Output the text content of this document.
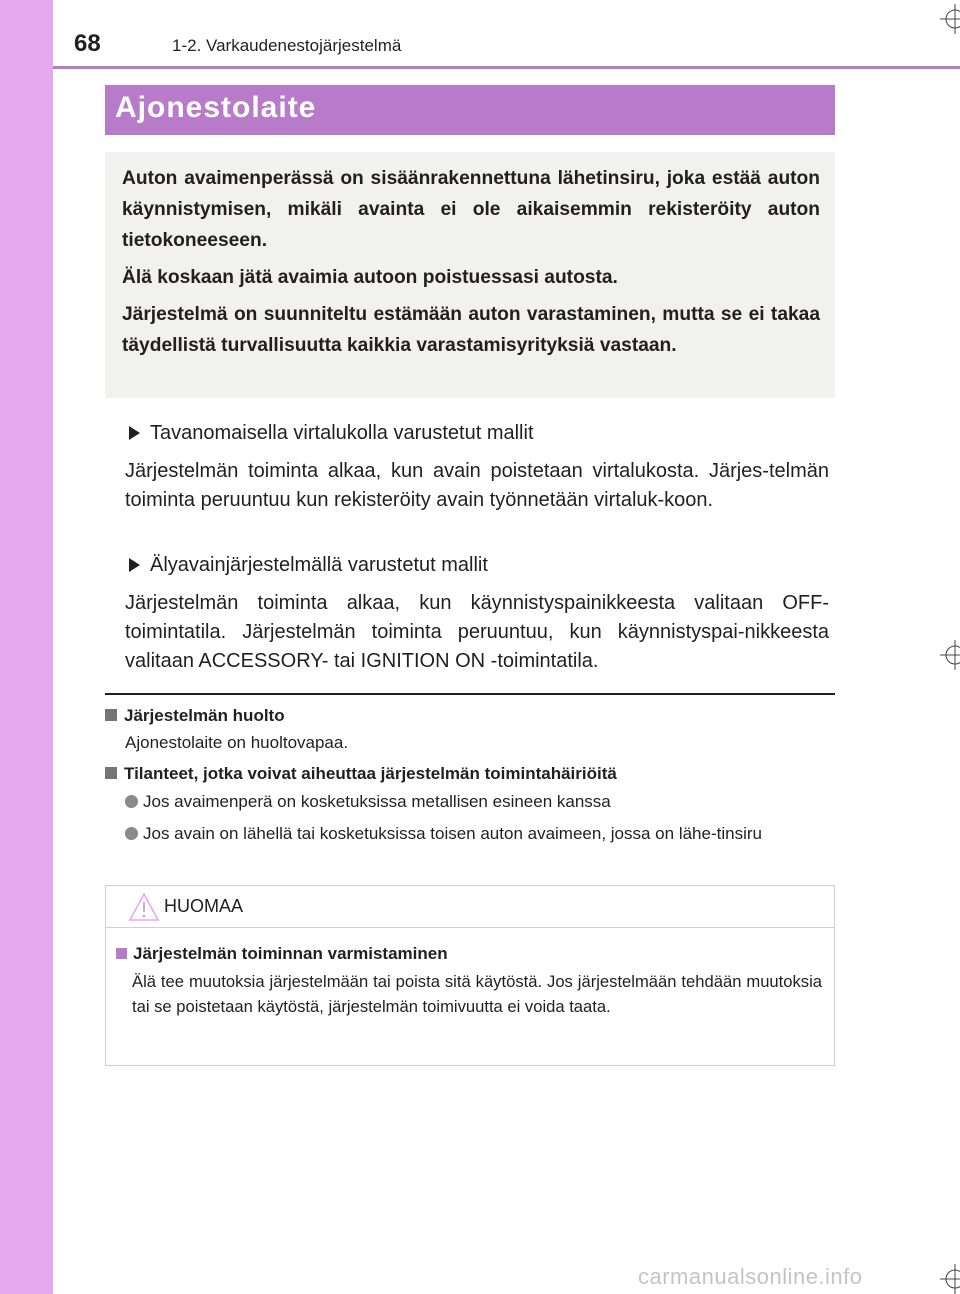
68	1-2. Varkaudenestojärjestelmä
Ajonestolaite

Auton avaimenperässä on sisäänrakennettuna lähetinsiru, joka estää auton käynnistymisen, mikäli avainta ei ole aikaisemmin rekisteröity auton tietokoneeseen.

Älä koskaan jätä avaimia autoon poistuessasi autosta.

Järjestelmä on suunniteltu estämään auton varastaminen, mutta se ei takaa täydellistä turvallisuutta kaikkia varastamisyrityksiä vastaan.

Tavanomaisella virtalukolla varustetut mallit

Järjestelmän toiminta alkaa, kun avain poistetaan virtalukosta. Järjes-telmän toiminta peruuntuu kun rekisteröity avain työnnetään virtaluk-koon.

Älyavainjärjestelmällä varustetut mallit

Järjestelmän toiminta alkaa, kun käynnistyspainikkeesta valitaan OFF-toimintatila. Järjestelmän toiminta peruuntuu, kun käynnistyspai-nikkeesta valitaan ACCESSORY- tai IGNITION ON -toimintatila.

Järjestelmän huolto
Ajonestolaite on huoltovapaa.
Tilanteet, jotka voivat aiheuttaa järjestelmän toimintahäiriöitä
Jos avaimenperä on kosketuksissa metallisen esineen kanssa
Jos avain on lähellä tai kosketuksissa toisen auton avaimeen, jossa on lähe-tinsiru
HUOMAA
Järjestelmän toiminnan varmistaminen

Älä tee muutoksia järjestelmään tai poista sitä käytöstä. Jos järjestelmään tehdään muutoksia tai se poistetaan käytöstä, järjestelmän toimivuutta ei voida taata.

carmanualsonline.info
